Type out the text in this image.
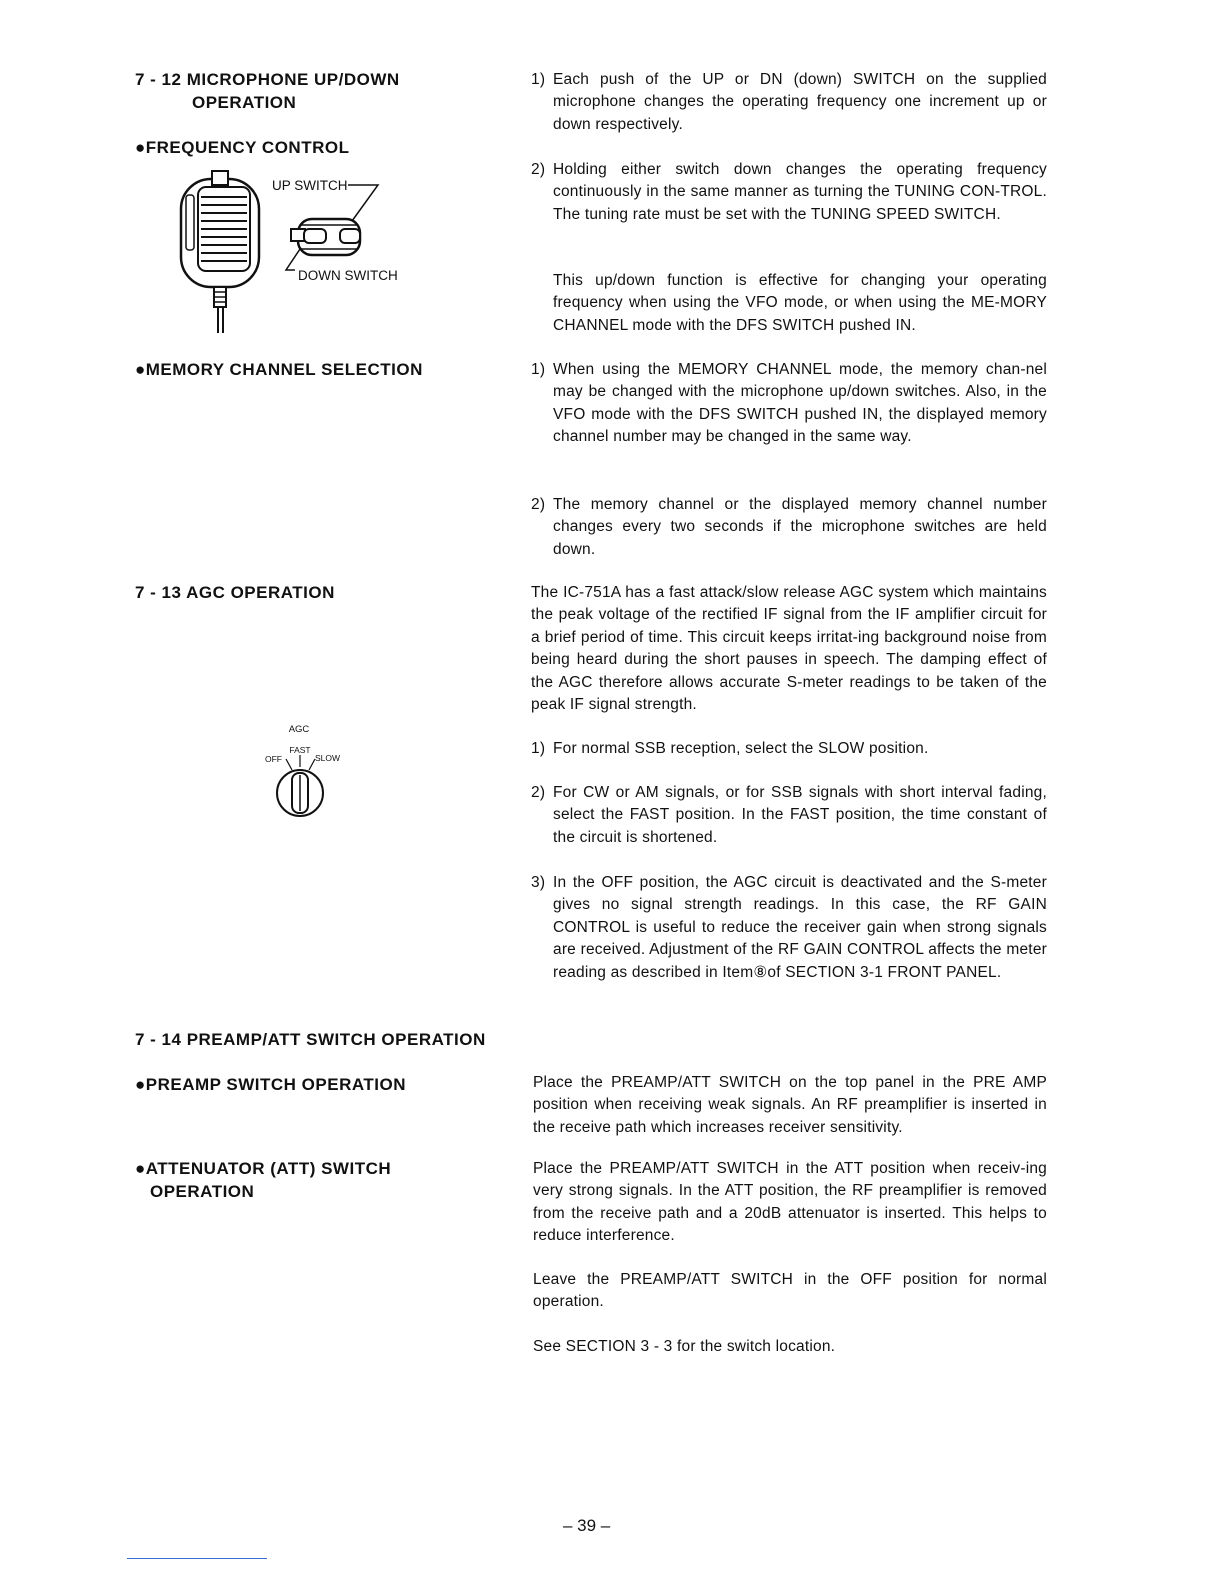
7 - 12 MICROPHONE UP/DOWN
OPERATION
●FREQUENCY CONTROL
UP SWITCH
DOWN SWITCH
1) Each push of the UP or DN (down) SWITCH on the supplied microphone changes the operating frequency one increment up or down respectively.
2) Holding either switch down changes the operating frequency continuously in the same manner as turning the TUNING CON-TROL. The tuning rate must be set with the TUNING SPEED SWITCH.
This up/down function is effective for changing your operating frequency when using the VFO mode, or when using the ME-MORY CHANNEL mode with the DFS SWITCH pushed IN.
●MEMORY CHANNEL SELECTION	1) When using the MEMORY CHANNEL mode, the memory chan-nel may be changed with the microphone up/down switches. Also, in the VFO mode with the DFS SWITCH pushed IN, the displayed memory channel number may be changed in the same way.
2) The memory channel or the displayed memory channel number changes every two seconds if the microphone switches are held down.
7 - 13 AGC OPERATION	The IC-751A has a fast attack/slow release AGC system which maintains the peak voltage of the rectified IF signal from the IF amplifier circuit for a brief period of time. This circuit keeps irritat-ing background noise from being heard during the short pauses in speech. The damping effect of the AGC therefore allows accurate S-meter readings to be taken of the peak IF signal strength.
AGC
FAST
OFF	SLOW
1) For normal SSB reception, select the SLOW position.
2) For CW or AM signals, or for SSB signals with short interval fading, select the FAST position. In the FAST position, the time constant of the circuit is shortened.
3) In the OFF position, the AGC circuit is deactivated and the S-meter gives no signal strength readings. In this case, the RF GAIN CONTROL is useful to reduce the receiver gain when strong signals are received. Adjustment of the RF GAIN CONTROL affects the meter reading as described in Item⑧of SECTION 3-1 FRONT PANEL.
7 - 14 PREAMP/ATT SWITCH OPERATION
●PREAMP SWITCH OPERATION	Place the PREAMP/ATT SWITCH on the top panel in the PRE AMP position when receiving weak signals. An RF preamplifier is inserted in the receive path which increases receiver sensitivity.
●ATTENUATOR (ATT) SWITCH
OPERATION
Place the PREAMP/ATT SWITCH in the ATT position when receiv-ing very strong signals. In the ATT position, the RF preamplifier is removed from the receive path and a 20dB attenuator is inserted. This helps to reduce interference.
Leave the PREAMP/ATT SWITCH in the OFF position for normal operation.
See SECTION 3 - 3 for the switch location.
– 39 –
